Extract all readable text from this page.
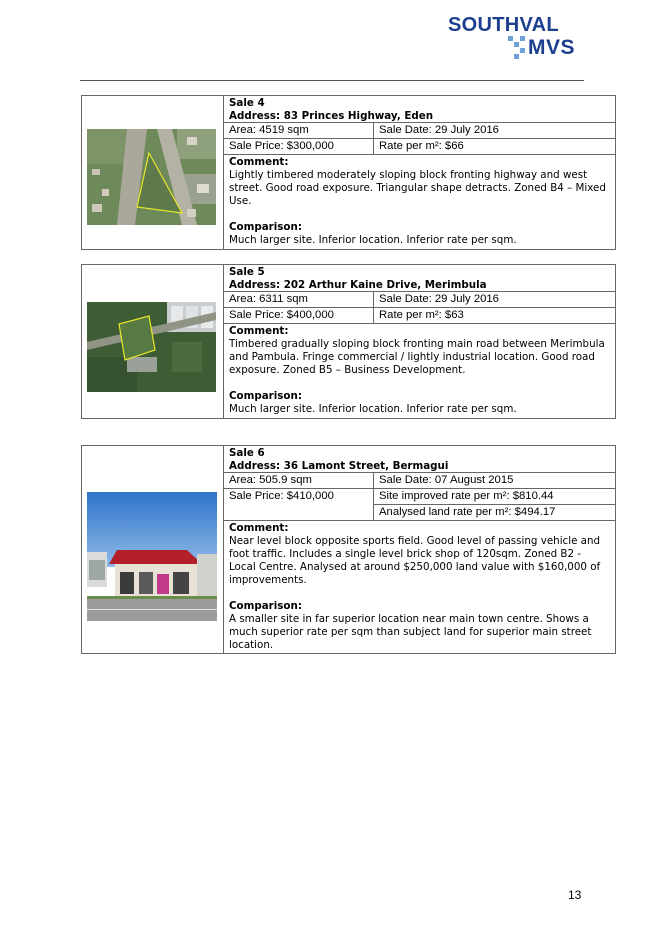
SOUTHVAL
MVS
Sale 4
Address: 83 Princes Highway, Eden
Area: 4519 sqm	Sale Date: 29 July 2016
Sale Price: $300,000	Rate per m²: $66
Comment:
Lightly timbered moderately sloping block fronting highway and west street. Good road exposure. Triangular shape detracts. Zoned B4 – Mixed Use.
Comparison:
Much larger site. Inferior location. Inferior rate per sqm.
Sale 5
Address: 202 Arthur Kaine Drive, Merimbula
Area: 6311 sqm	Sale Date: 29 July 2016
Sale Price: $400,000	Rate per m²: $63
Comment:
Timbered gradually sloping block fronting main road between Merimbula and Pambula. Fringe commercial / lightly industrial location. Good road exposure. Zoned B5 – Business Development.
Comparison:
Much larger site. Inferior location. Inferior rate per sqm.
Sale 6
Address: 36 Lamont Street, Bermagui
Area: 505.9 sqm	Sale Date: 07 August 2015
Sale Price: $410,000	Site improved rate per m²: $810.44
Analysed land rate per m²: $494.17
Comment:
Near level block opposite sports field. Good level of passing vehicle and foot traffic. Includes a single level brick shop of 120sqm. Zoned B2 - Local Centre. Analysed at around $250,000 land value with $160,000 of improvements.
Comparison:
A smaller site in far superior location near main town centre. Shows a much superior rate per sqm than subject land for superior main street location.
13
